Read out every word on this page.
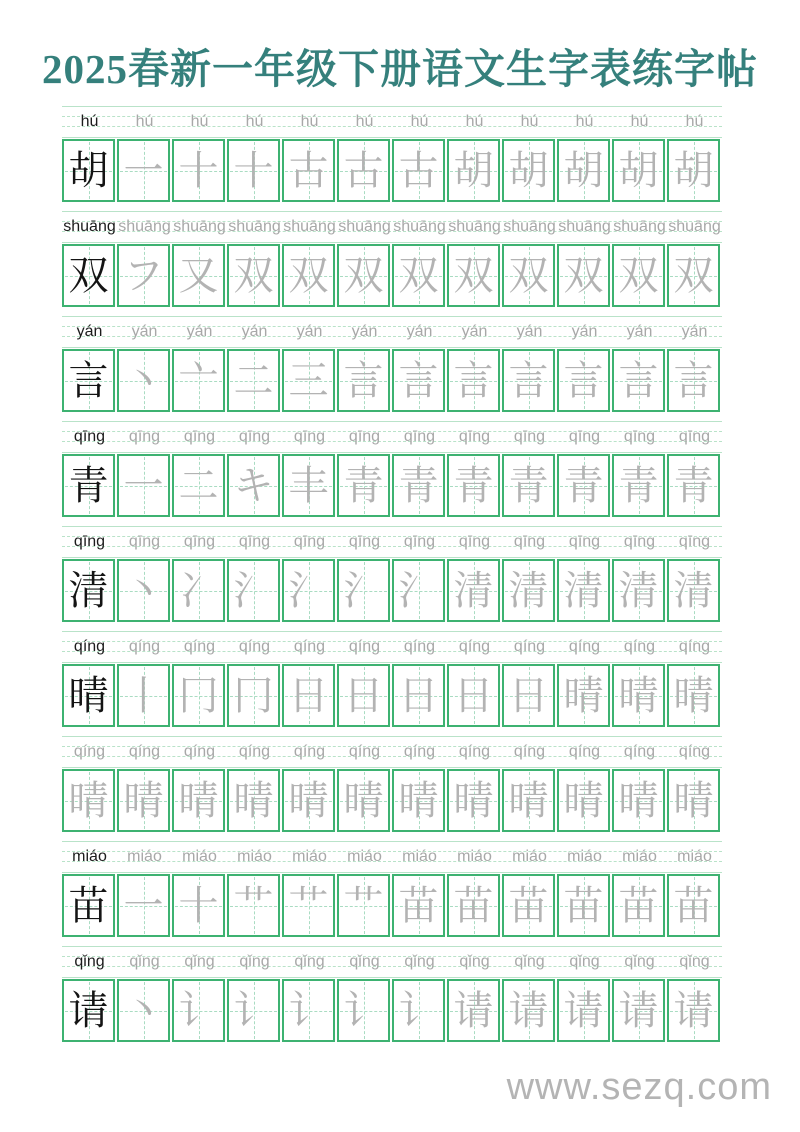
2025春新一年级下册语文生字表练字帖
hú	hú	hú	hú	hú	hú	hú	hú	hú	hú	hú	hú
胡 一 十 十 古 古 古 胡 胡 胡 胡 胡
shuāng shuāng shuāng shuāng shuāng shuāng shuāng shuāng shuāng shuāng shuāng shuāng
双 フ 又 双 双 双 双 双 双 双 双 双
yán	yán	yán	yán	yán	yán	yán	yán	yán	yán	yán	yán
言 丶 亠 二 三 言 言 言 言 言 言 言
qīng	qīng	qīng	qīng	qīng	qīng	qīng	qīng	qīng	qīng	qīng	qīng
青 一 二 キ 丰 青 青 青 青 青 青 青
qīng	qīng	qīng	qīng	qīng	qīng	qīng	qīng	qīng	qīng	qīng	qīng
清 丶 冫 氵 氵 氵 氵 清 清 清 清 清
qíng	qíng	qíng	qíng	qíng	qíng	qíng	qíng	qíng	qíng	qíng	qíng
晴 丨 冂 冂 日 日 日 日 日 晴 晴 晴
qíng	qíng	qíng	qíng	qíng	qíng	qíng	qíng	qíng	qíng	qíng	qíng
晴 晴 晴 晴 晴 晴 晴 晴 晴 晴 晴 晴
miáo	miáo	miáo	miáo	miáo	miáo	miáo	miáo	miáo	miáo	miáo	miáo
苗 一 十 艹 艹 艹 苗 苗 苗 苗 苗 苗
qǐng	qǐng	qǐng	qǐng	qǐng	qǐng	qǐng	qǐng	qǐng	qǐng	qǐng	qǐng
请 丶 讠 讠 讠 讠 讠 请 请 请 请 请
www.sezq.com
